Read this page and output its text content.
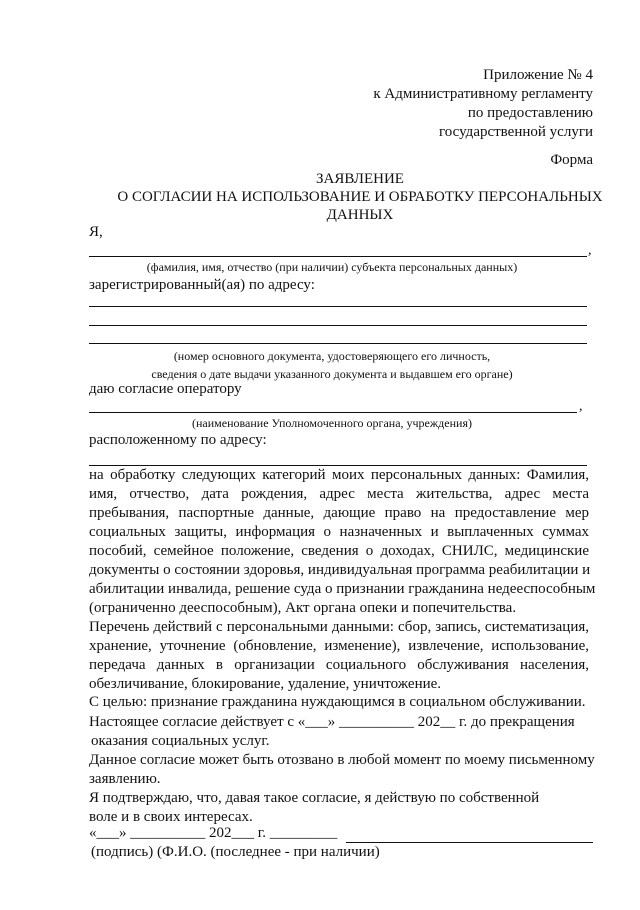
Приложение № 4
к Административному регламенту
по предоставлению
государственной услуги
Форма
ЗАЯВЛЕНИЕ
О СОГЛАСИИ НА ИСПОЛЬЗОВАНИЕ И ОБРАБОТКУ ПЕРСОНАЛЬНЫХ
ДАННЫХ
Я,
,
(фамилия, имя, отчество (при наличии) субъекта персональных данных)
зарегистрированный(ая) по адресу:
(номер основного документа, удостоверяющего его личность,
сведения о дате выдачи указанного документа и выдавшем его органе)
даю согласие оператору
,
(наименование Уполномоченного органа, учреждения)
расположенному по адресу:
на обработку следующих категорий моих персональных данных: Фамилия,
имя, отчество, дата рождения, адрес места жительства, адрес места
пребывания, паспортные данные, дающие право на предоставление мер
социальных защиты, информация о назначенных и выплаченных суммах
пособий, семейное положение, сведения о доходах, СНИЛС, медицинские
документы о состоянии здоровья, индивидуальная программа реабилитации и
абилитации инвалида, решение суда о признании гражданина недееспособным
(ограниченно дееспособным), Акт органа опеки и попечительства.
Перечень действий с персональными данными: сбор, запись, систематизация,
хранение, уточнение (обновление, изменение), извлечение, использование,
передача данных в организации социального обслуживания населения,
обезличивание, блокирование, удаление, уничтожение.
С целью: признание гражданина нуждающимся в социальном обслуживании.
Настоящее согласие действует с «___» __________ 202__ г. до прекращения
оказания социальных услуг.
Данное согласие может быть отозвано в любой момент по моему письменному
заявлению.
Я подтверждаю, что, давая такое согласие, я действую по собственной
воле и в своих интересах.
«___» __________ 202___ г. _________
(подпись) (Ф.И.О. (последнее - при наличии)
